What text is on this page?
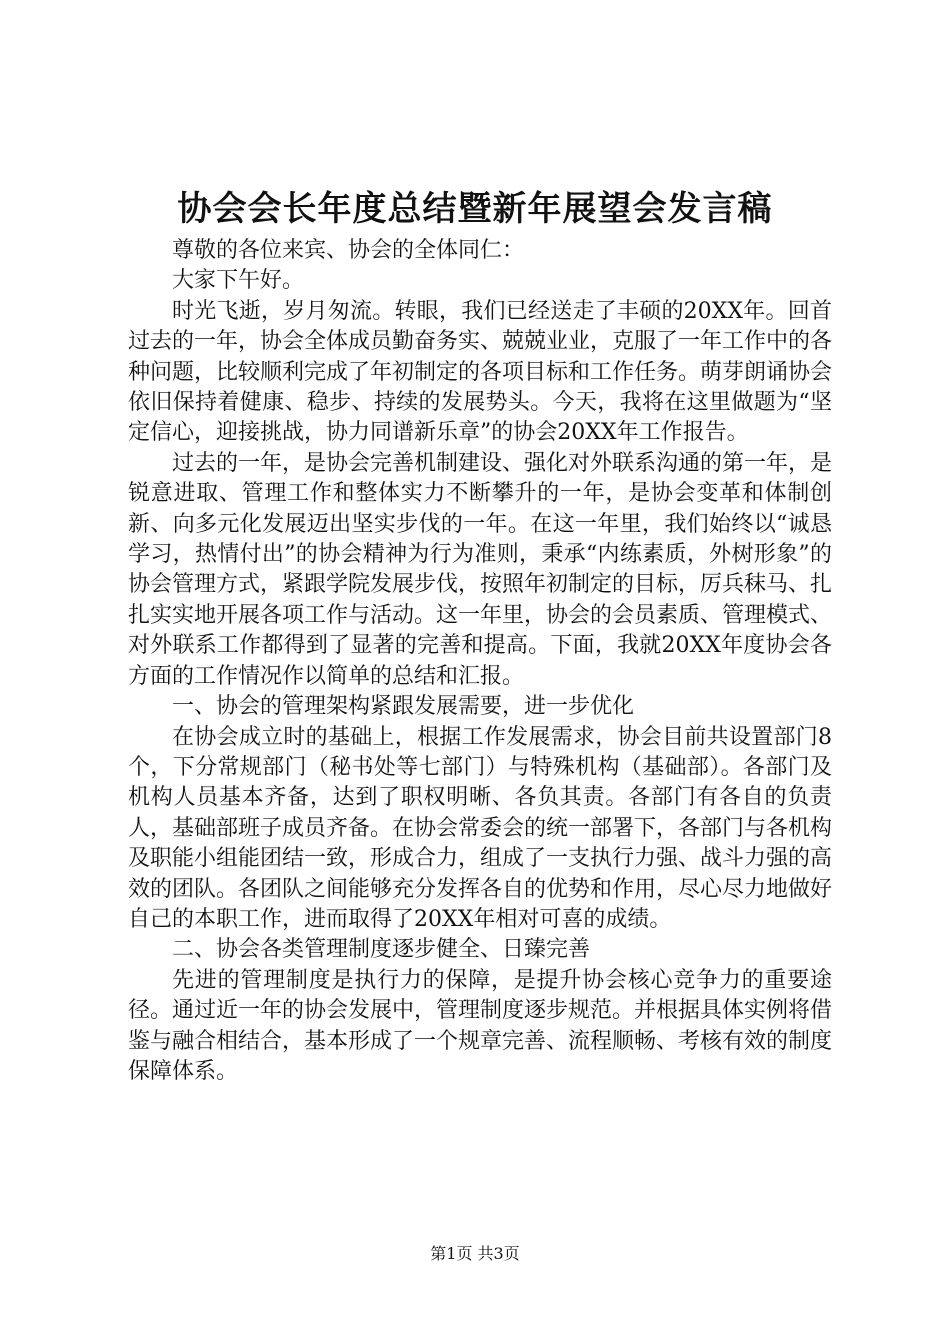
协会会长年度总结暨新年展望会发言稿

尊敬的各位来宾、协会的全体同仁：

大家下午好。

时光飞逝，岁月匆流。转眼，我们已经送走了丰硕的20XX年。回首过去的一年，协会全体成员勤奋务实、兢兢业业，克服了一年工作中的各种问题，比较顺利完成了年初制定的各项目标和工作任务。萌芽朗诵协会依旧保持着健康、稳步、持续的发展势头。今天，我将在这里做题为“坚定信心，迎接挑战，协力同谱新乐章”的协会20XX年工作报告。

过去的一年，是协会完善机制建设、强化对外联系沟通的第一年，是锐意进取、管理工作和整体实力不断攀升的一年，是协会变革和体制创新、向多元化发展迈出坚实步伐的一年。在这一年里，我们始终以“诚恳学习，热情付出”的协会精神为行为准则，秉承“内练素质，外树形象”的协会管理方式，紧跟学院发展步伐，按照年初制定的目标，厉兵秣马、扎扎实实地开展各项工作与活动。这一年里，协会的会员素质、管理模式、对外联系工作都得到了显著的完善和提高。下面，我就20XX年度协会各方面的工作情况作以简单的总结和汇报。

一、协会的管理架构紧跟发展需要，进一步优化

在协会成立时的基础上，根据工作发展需求，协会目前共设置部门8个，下分常规部门（秘书处等七部门）与特殊机构（基础部）。各部门及机构人员基本齐备，达到了职权明晰、各负其责。各部门有各自的负责人，基础部班子成员齐备。在协会常委会的统一部署下，各部门与各机构及职能小组能团结一致，形成合力，组成了一支执行力强、战斗力强的高效的团队。各团队之间能够充分发挥各自的优势和作用，尽心尽力地做好自己的本职工作，进而取得了20XX年相对可喜的成绩。

二、协会各类管理制度逐步健全、日臻完善

先进的管理制度是执行力的保障，是提升协会核心竞争力的重要途径。通过近一年的协会发展中，管理制度逐步规范。并根据具体实例将借鉴与融合相结合，基本形成了一个规章完善、流程顺畅、考核有效的制度保障体系。

第1页 共3页
